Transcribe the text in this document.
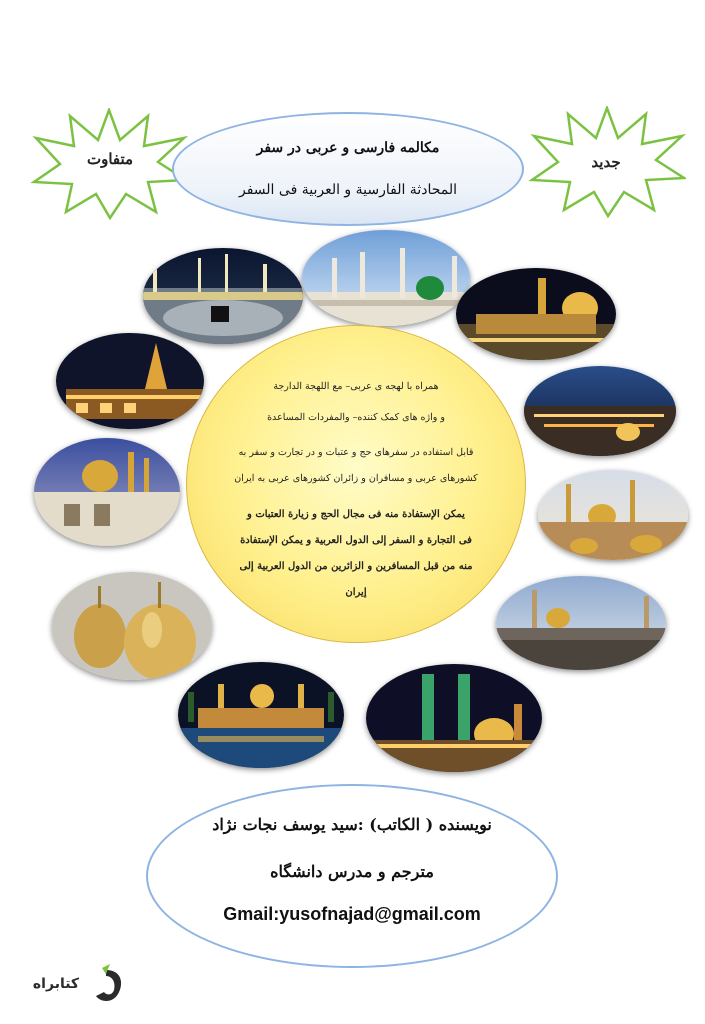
متفاوت	جدید
مكالمه فارسی و عربی در سفر
المحادثة الفارسية و العربية فی السفر
همراه با لهجه ی عربی– مع اللهجة الدارجة
و واژه های کمک کننده– والمفردات المساعدة
قابل استفاده در سفرهای حج و عتبات و در تجارت و سفر به
کشورهای عربی و مسافران و زائران کشورهای عربی به ایران
يمكن الإستفادة منه فی مجال الحج و زيارة العتبات و
فی التجارة و السفر إلى الدول العربية و يمكن الإستفادة
منه من قبل المسافرين و الزائرين من الدول العربية إلى
إيران
نویسنده ( الکاتب) :سید یوسف نجات نژاد
مترجم و مدرس دانشگاه
Gmail:yusofnajad@gmail.com
کتابراه
